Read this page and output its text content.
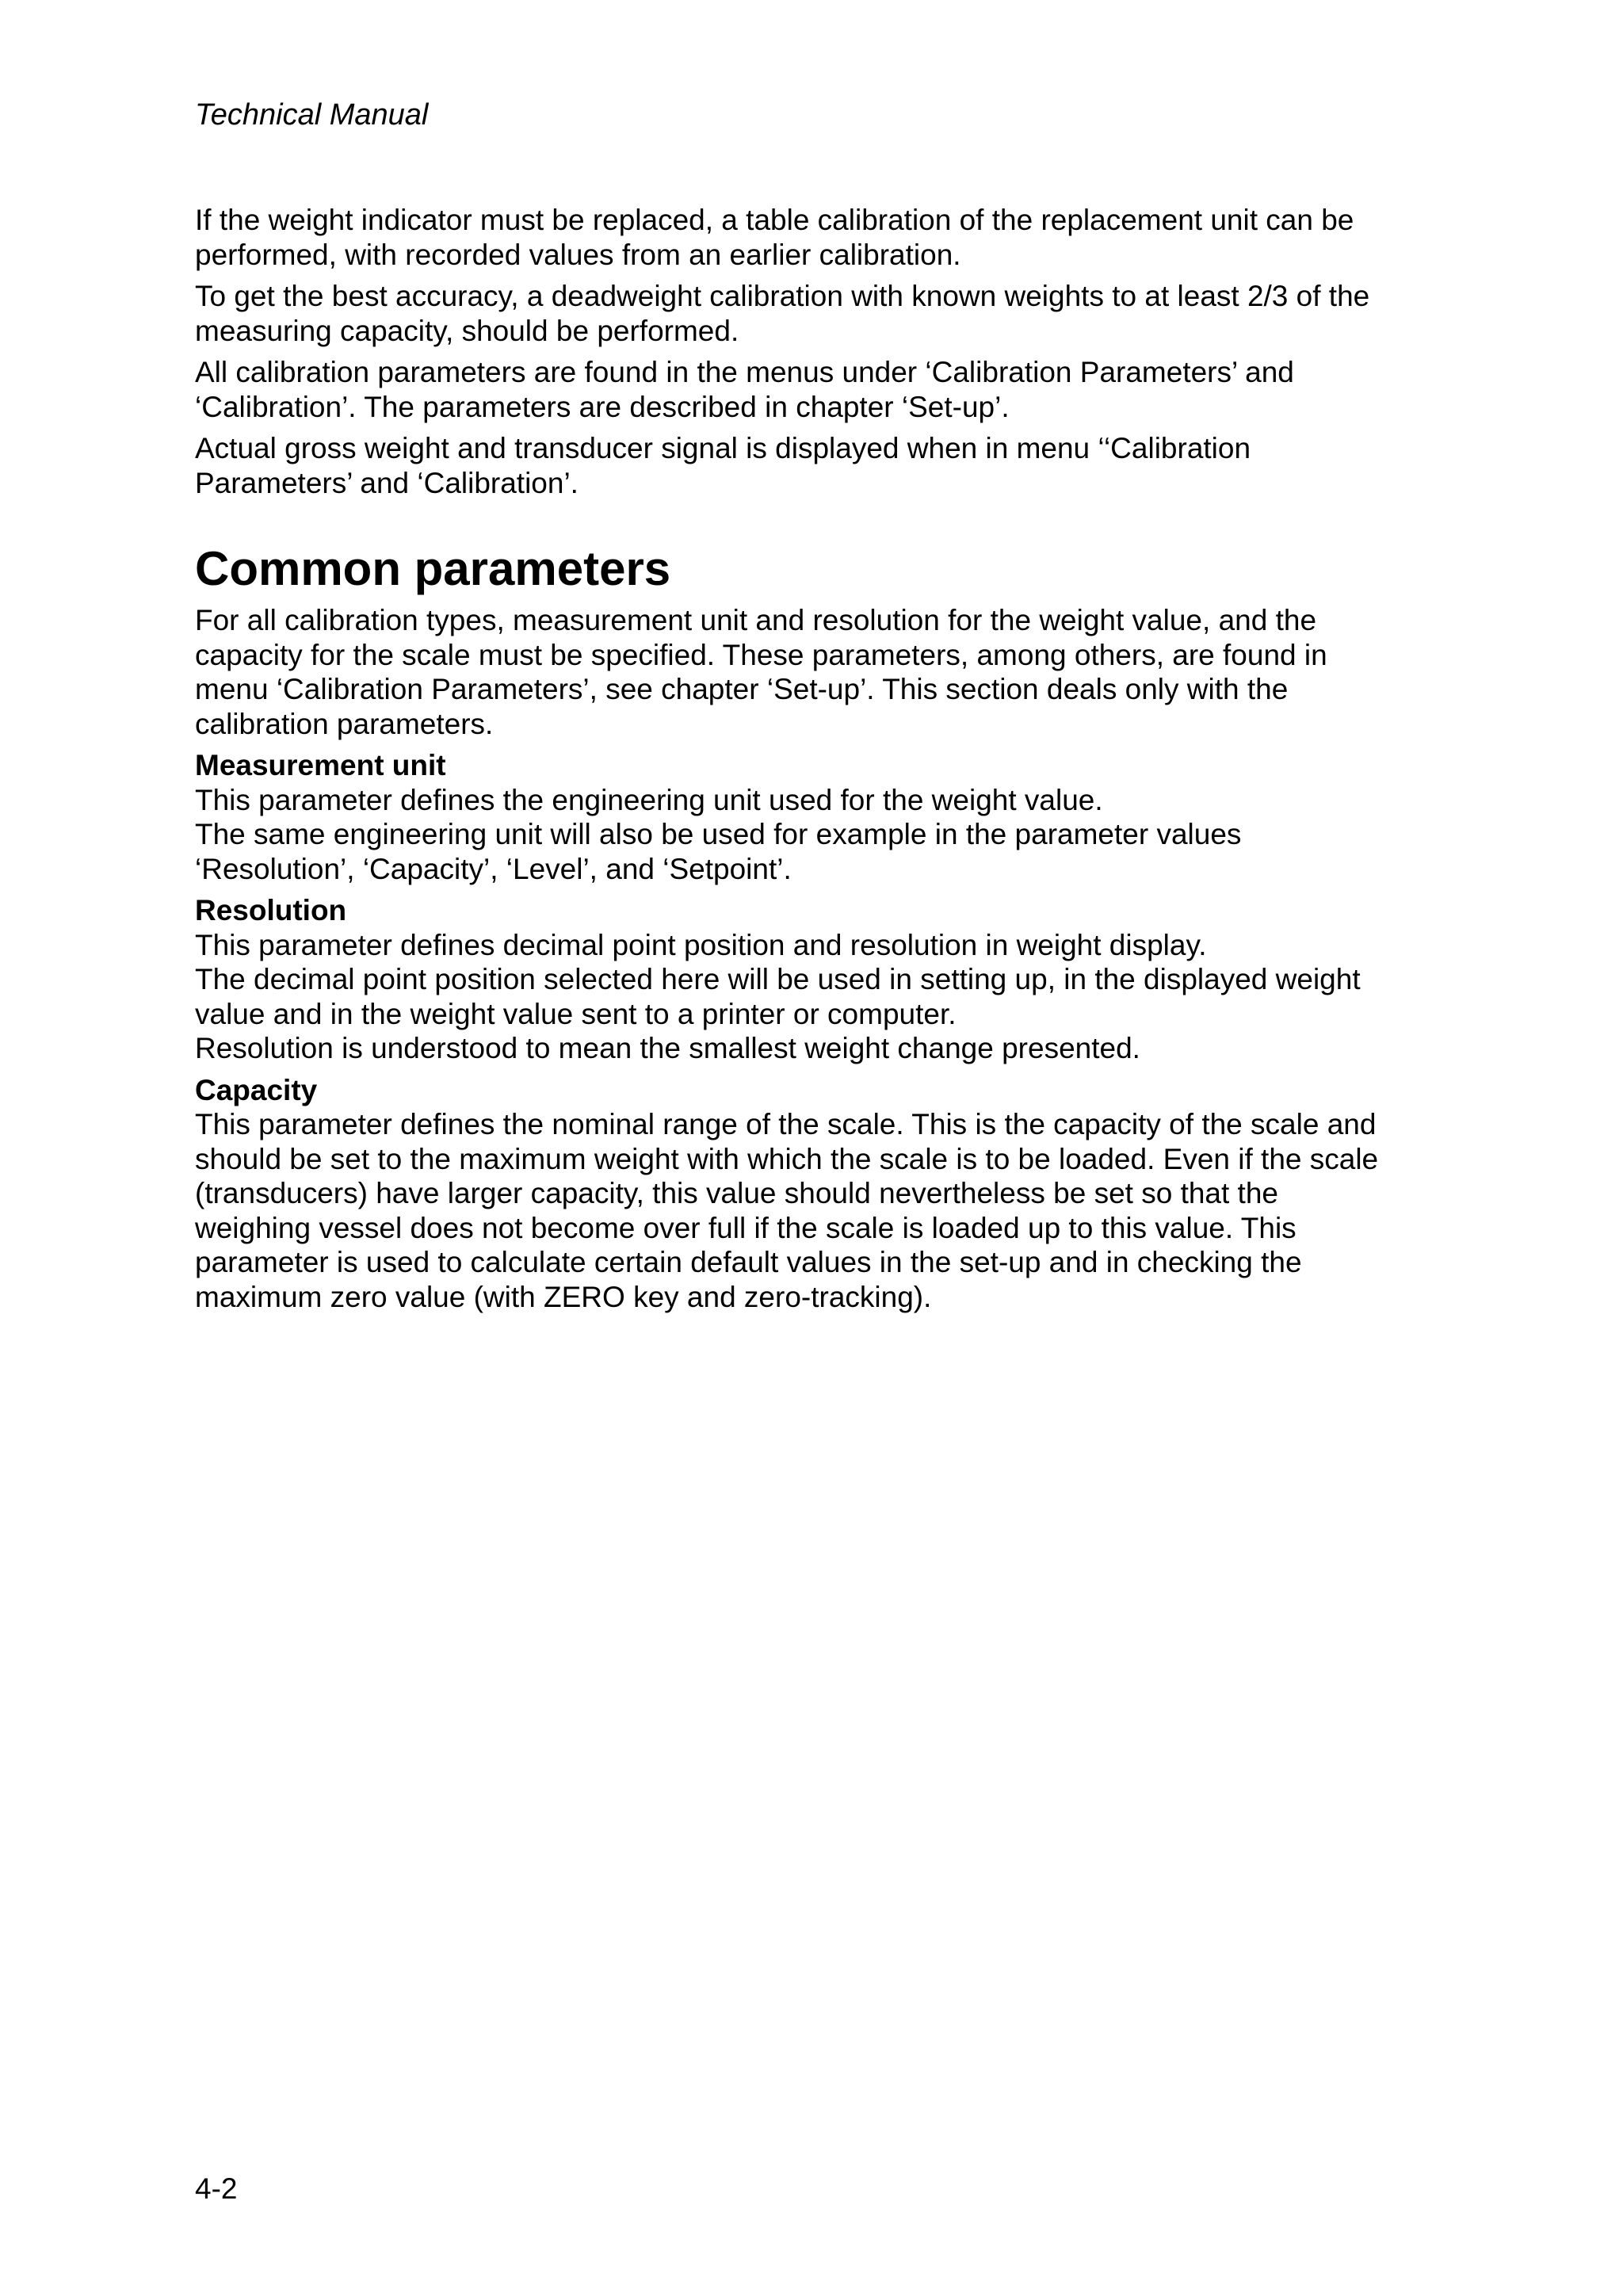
Technical Manual

If the weight indicator must be replaced, a table calibration of the replacement unit can be performed, with recorded values from an earlier calibration.

To get the best accuracy, a deadweight calibration with known weights to at least 2/3 of the measuring capacity, should be performed.

All calibration parameters are found in the menus under ‘Calibration Parameters’ and ‘Calibration’. The parameters are described in chapter ‘Set-up’.

Actual gross weight and transducer signal is displayed when in menu ‘‘Calibration Parameters’ and ‘Calibration’.

Common parameters

For all calibration types, measurement unit and resolution for the weight value, and the capacity for the scale must be specified. These parameters, among others, are found in menu ‘Calibration Parameters’, see chapter ‘Set-up’. This section deals only with the calibration parameters.

Measurement unit

This parameter defines the engineering unit used for the weight value.

The same engineering unit will also be used for example in the parameter values ‘Resolution’, ‘Capacity’, ‘Level’, and ‘Setpoint’.

Resolution

This parameter defines decimal point position and resolution in weight display.

The decimal point position selected here will be used in setting up, in the displayed weight value and in the weight value sent to a printer or computer.

Resolution is understood to mean the smallest weight change presented.

Capacity

This parameter defines the nominal range of the scale. This is the capacity of the scale and should be set to the maximum weight with which the scale is to be loaded. Even if the scale (transducers) have larger capacity, this value should nevertheless be set so that the weighing vessel does not become over full if the scale is loaded up to this value. This parameter is used to calculate certain default values in the set-up and in checking the maximum zero value (with ZERO key and zero-tracking).

4-2
